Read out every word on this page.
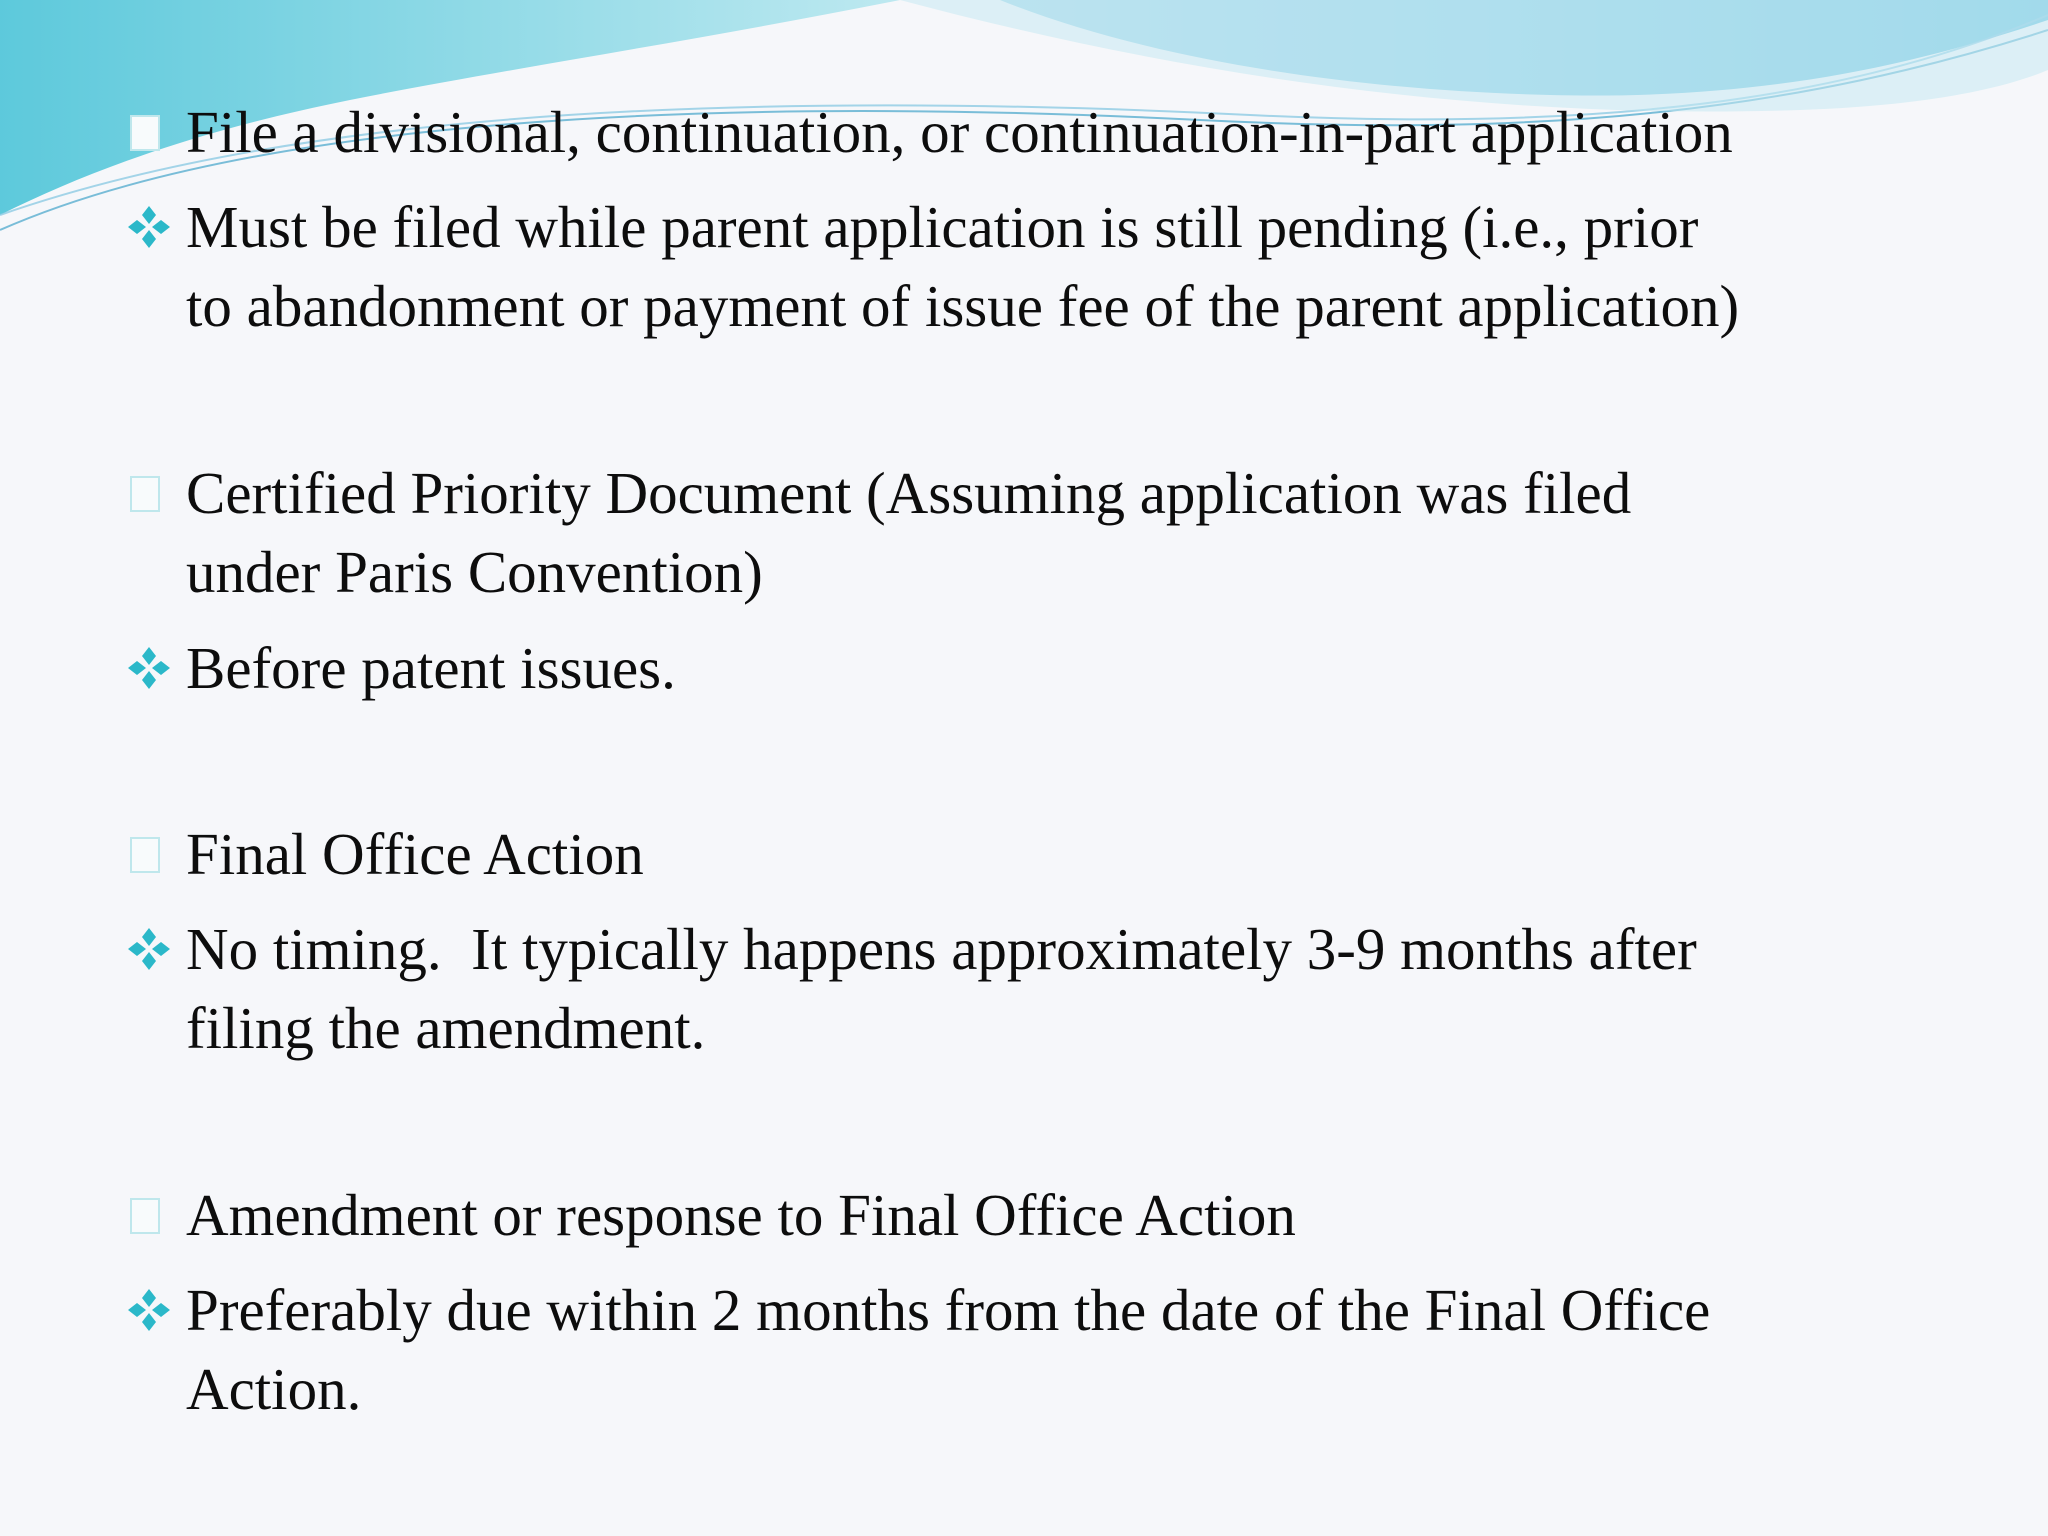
File a divisional, continuation, or continuation-in-part application
Must be filed while parent application is still pending (i.e., prior
to abandonment or payment of issue fee of the parent application)
Certified Priority Document (Assuming application was filed
under Paris Convention)
Before patent issues.
Final Office Action
No timing.  It typically happens approximately 3-9 months after
filing the amendment.
Amendment or response to Final Office Action
Preferably due within 2 months from the date of the Final Office
Action.
